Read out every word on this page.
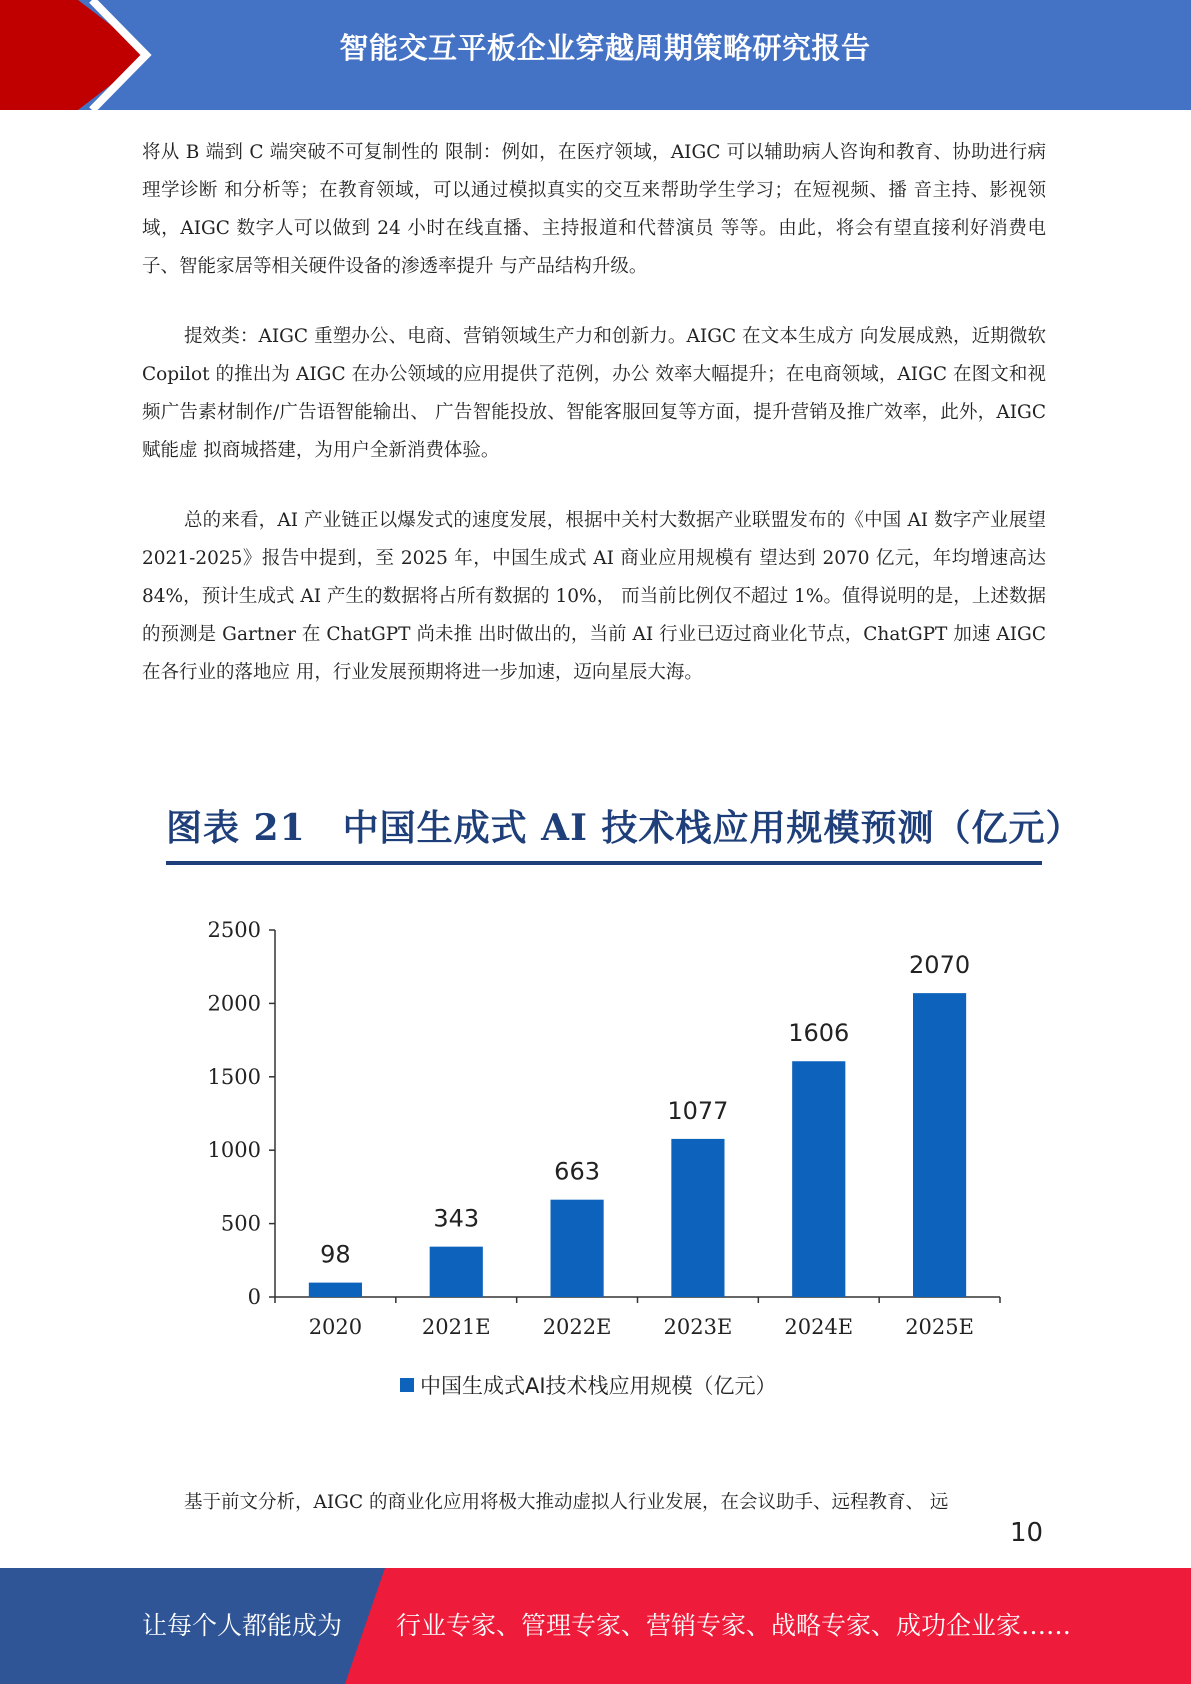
智能交互平板企业穿越周期策略研究报告

将从 B 端到 C 端突破不可复制性的 限制：例如，在医疗领域，AIGC 可以辅助病人咨询和教育、协助进行病理学诊断 和分析等；在教育领域，可以通过模拟真实的交互来帮助学生学习；在短视频、播 音主持、影视领域，AIGC 数字人可以做到 24 小时在线直播、主持报道和代替演员 等等。由此，将会有望直接利好消费电子、智能家居等相关硬件设备的渗透率提升 与产品结构升级。

提效类：AIGC 重塑办公、电商、营销领域生产力和创新力。AIGC 在文本生成方 向发展成熟，近期微软 Copilot 的推出为 AIGC 在办公领域的应用提供了范例，办公 效率大幅提升；在电商领域，AIGC 在图文和视频广告素材制作/广告语智能输出、 广告智能投放、智能客服回复等方面，提升营销及推广效率，此外，AIGC 赋能虚 拟商城搭建，为用户全新消费体验。

总的来看，AI 产业链正以爆发式的速度发展，根据中关村大数据产业联盟发布的《中国 AI 数字产业展望 2021-2025》报告中提到，至 2025 年，中国生成式 AI 商业应用规模有 望达到 2070 亿元，年均增速高达 84%，预计生成式 AI 产生的数据将占所有数据的 10%， 而当前比例仅不超过 1%。值得说明的是，上述数据的预测是 Gartner 在 ChatGPT 尚未推 出时做出的，当前 AI 行业已迈过商业化节点，ChatGPT 加速 AIGC 在各行业的落地应 用，行业发展预期将进一步加速，迈向星辰大海。

图表 21　中国生成式 AI 技术栈应用规模预测（亿元）
0
500
1000
1500
2000
2500
98
2020
343
2021E
663
2022E
1077
2023E
1606
2024E
2070
2025E
中国生成式AI技术栈应用规模（亿元）
基于前文分析，AIGC 的商业化应用将极大推动虚拟人行业发展，在会议助手、远程教育、 远
10
让每个人都能成为 行业专家、管理专家、营销专家、战略专家、成功企业家……
